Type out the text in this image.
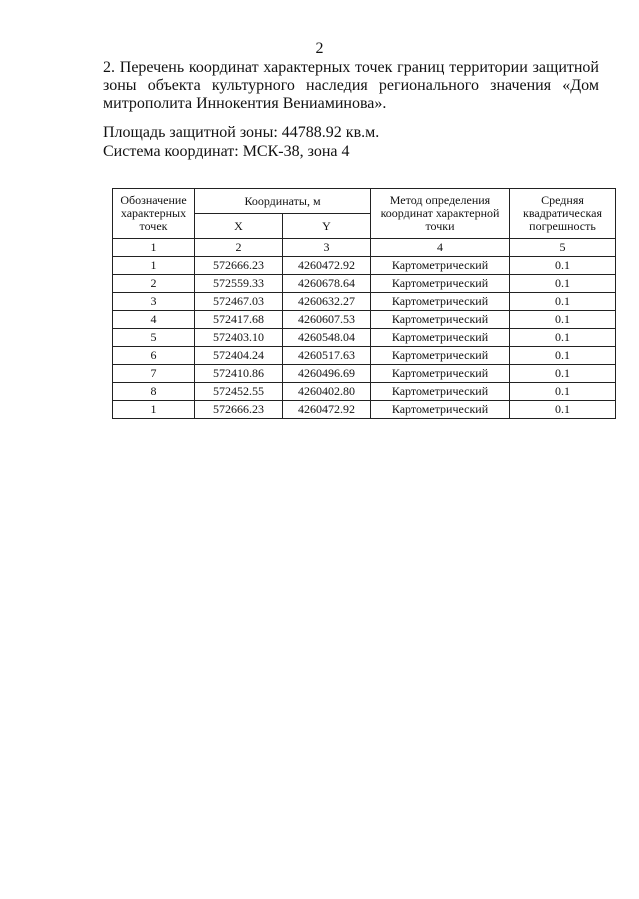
2
2. Перечень координат характерных точек границ территории защитной зоны объекта культурного наследия регионального значения «Дом митрополита Иннокентия Вениаминова».
Площадь защитной зоны: 44788.92 кв.м.
Система координат: МСК-38, зона 4
Обозначение характерных точек	Координаты, м		Метод определения координат характерной точки	Средняя квадратическая погрешность
	X	Y		
1	2	3	4	5
1	572666.23	4260472.92	Картометрический	0.1
2	572559.33	4260678.64	Картометрический	0.1
3	572467.03	4260632.27	Картометрический	0.1
4	572417.68	4260607.53	Картометрический	0.1
5	572403.10	4260548.04	Картометрический	0.1
6	572404.24	4260517.63	Картометрический	0.1
7	572410.86	4260496.69	Картометрический	0.1
8	572452.55	4260402.80	Картометрический	0.1
1	572666.23	4260472.92	Картометрический	0.1
